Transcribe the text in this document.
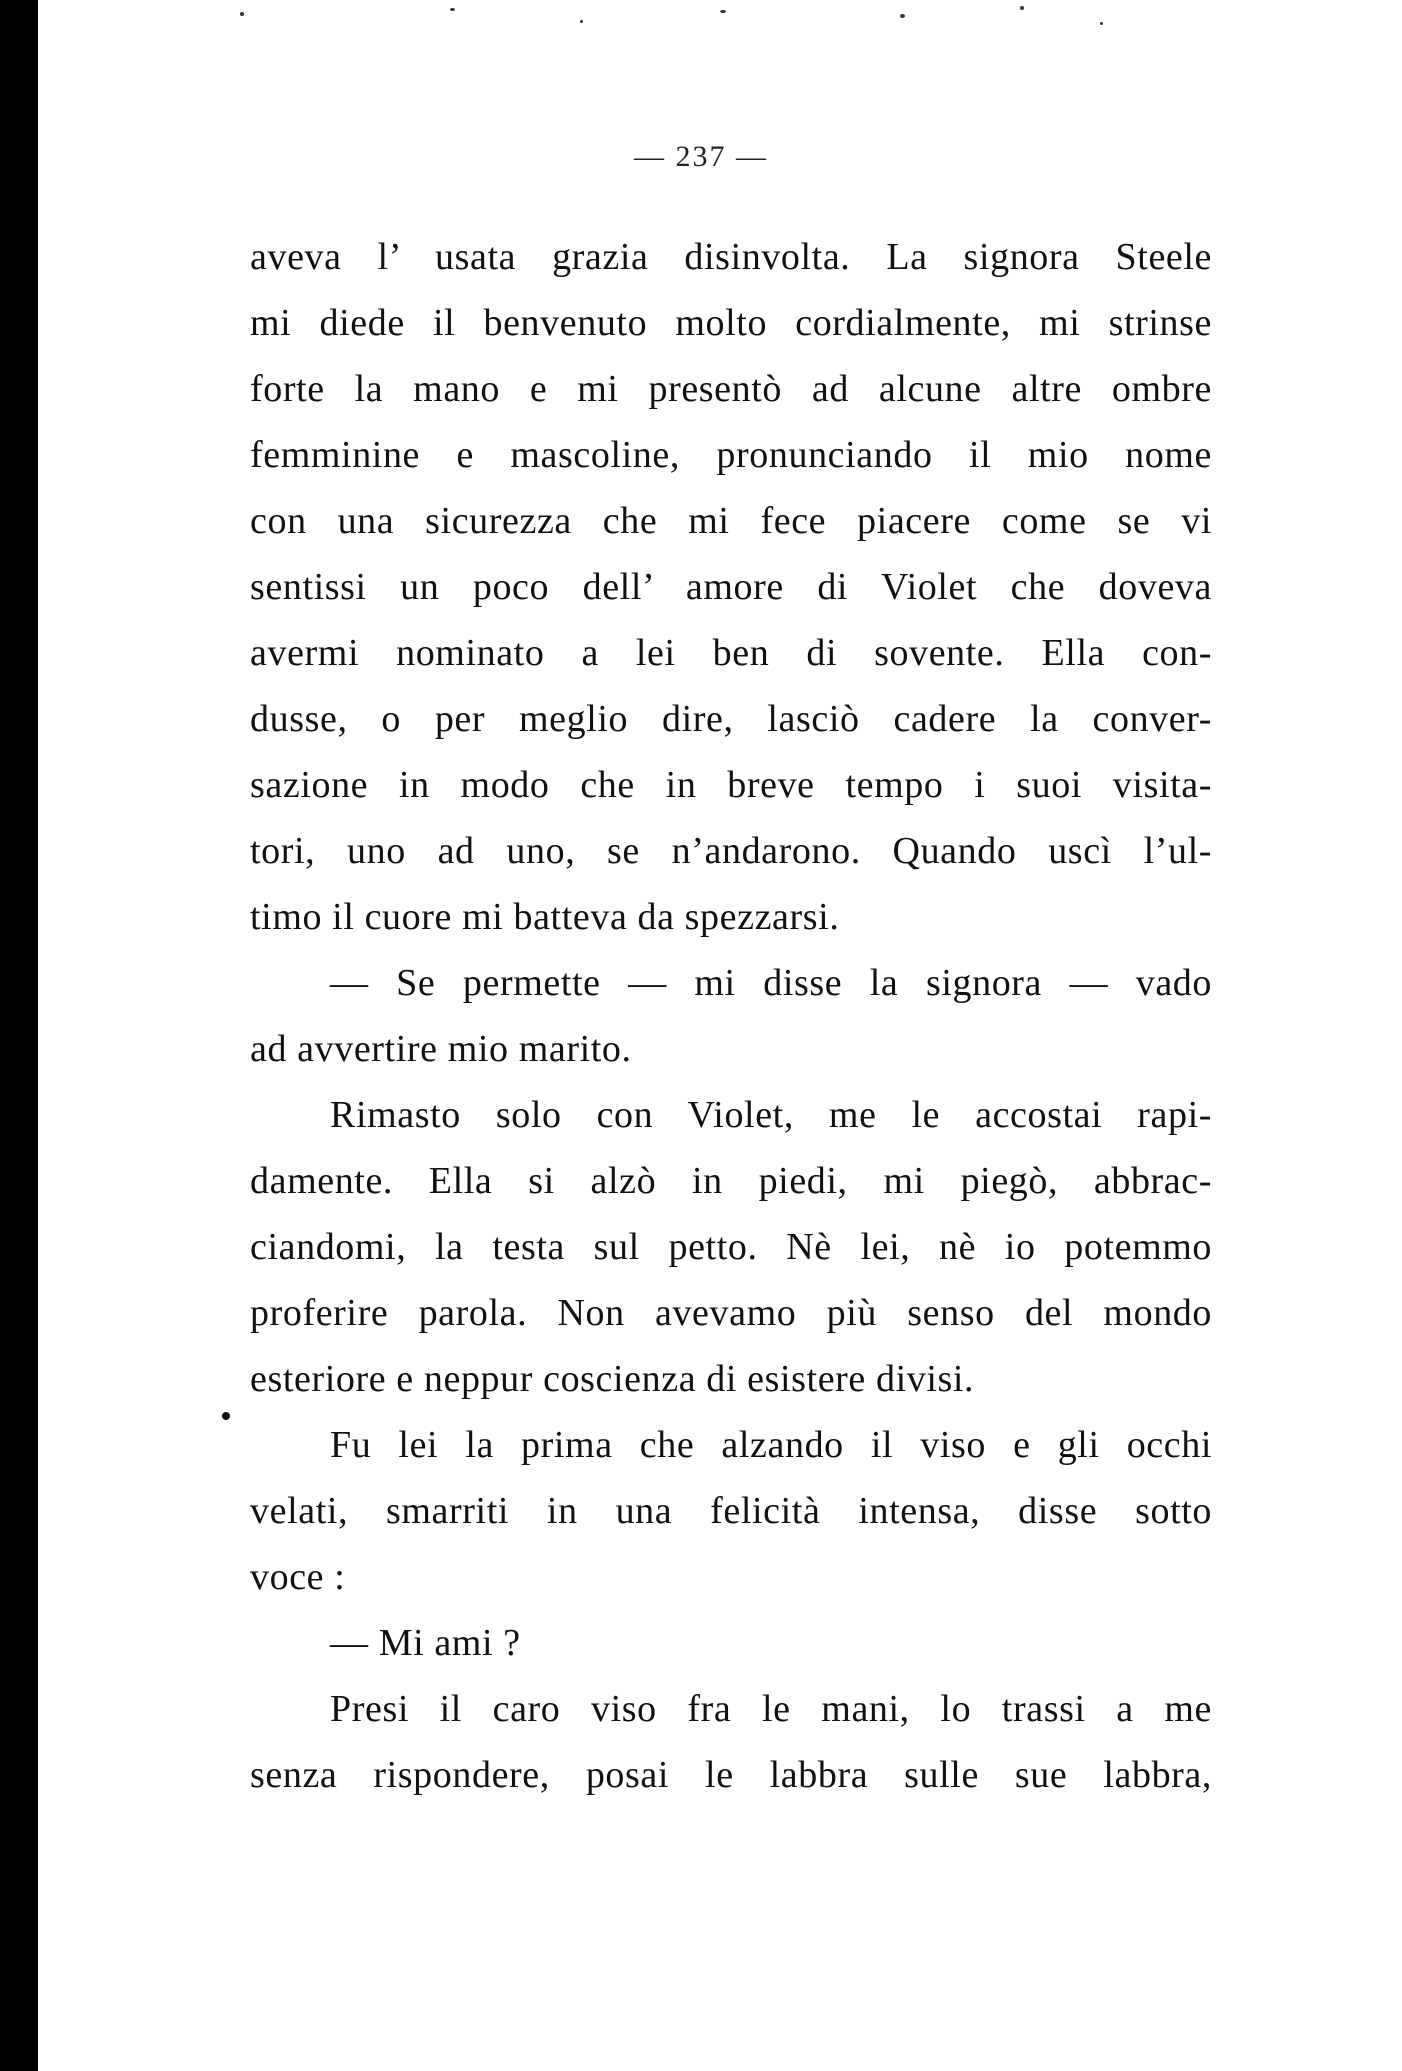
— 237 —
aveva l’ usata grazia disinvolta. La signora Steele
mi diede il benvenuto molto cordialmente, mi strinse
forte la mano e mi presentò ad alcune altre ombre
femminine e mascoline, pronunciando il mio nome
con una sicurezza che mi fece piacere come se vi
sentissi un poco dell’ amore di Violet che doveva
avermi nominato a lei ben di sovente. Ella con-
dusse, o per meglio dire, lasciò cadere la conver-
sazione in modo che in breve tempo i suoi visita-
tori, uno ad uno, se n’andarono. Quando uscì l’ul-
timo il cuore mi batteva da spezzarsi.
— Se permette — mi disse la signora — vado
ad avvertire mio marito.
Rimasto solo con Violet, me le accostai rapi-
damente. Ella si alzò in piedi, mi piegò, abbrac-
ciandomi, la testa sul petto. Nè lei, nè io potemmo
proferire parola. Non avevamo più senso del mondo
esteriore e neppur coscienza di esistere divisi.
Fu lei la prima che alzando il viso e gli occhi
velati, smarriti in una felicità intensa, disse sotto
voce :
— Mi ami ?
Presi il caro viso fra le mani, lo trassi a me
senza rispondere, posai le labbra sulle sue labbra,
